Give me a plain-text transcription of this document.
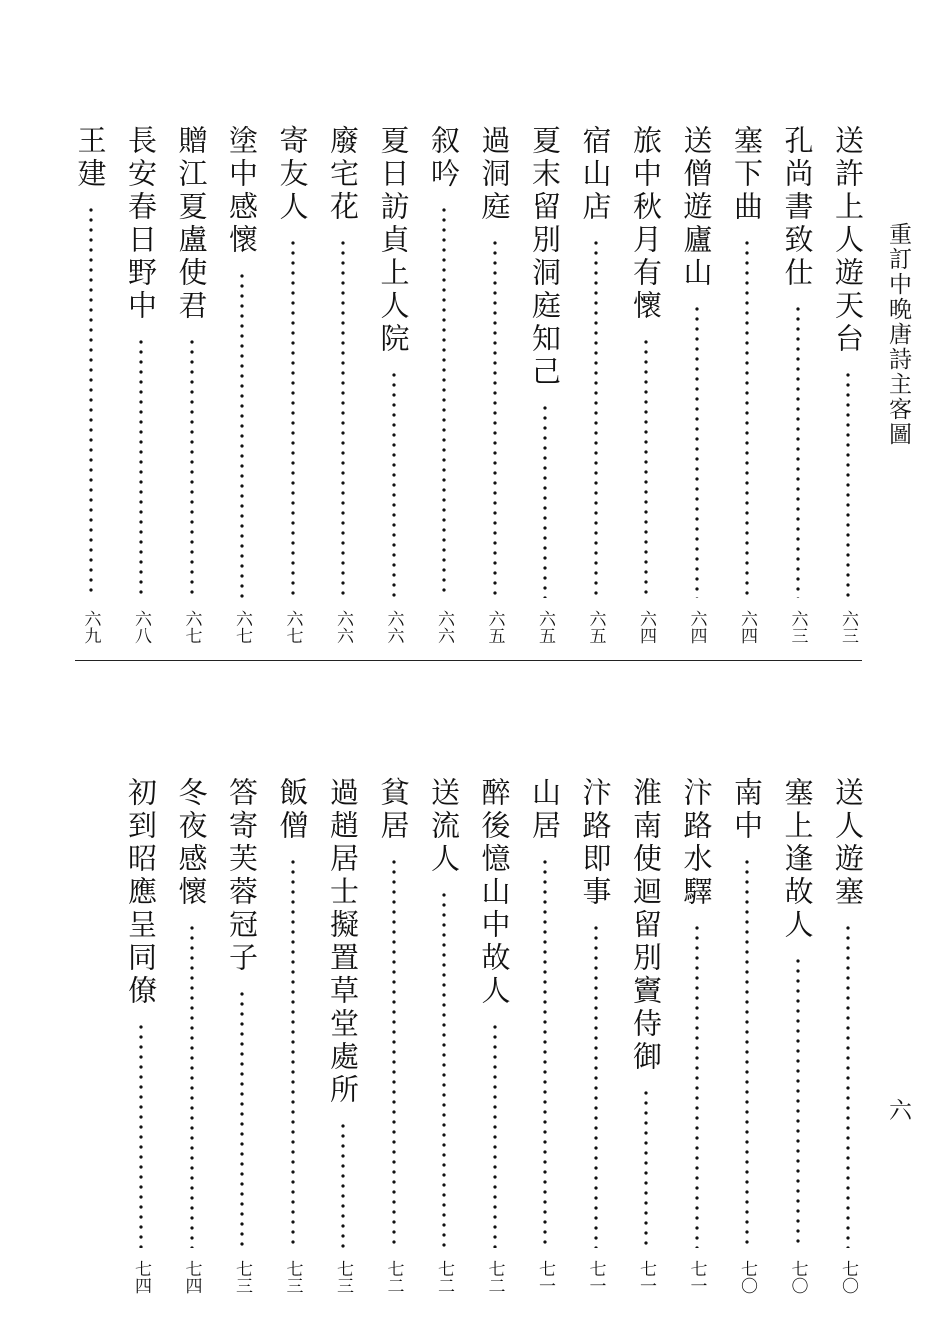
重訂中晩唐詩主客圖
六
送許上人遊天台
六三
孔尚書致仕
六三
塞下曲
六四
送僧遊廬山
六四
旅中秋月有懷
六四
宿山店
六五
夏末留別洞庭知己
六五
過洞庭
六五
叙吟
六六
夏日訪貞上人院
六六
廢宅花
六六
寄友人
六七
塗中感懷
六七
贈江夏盧使君
六七
長安春日野中
六八
王建
六九
送人遊塞
七〇
塞上逢故人
七〇
南中
七〇
汴路水驛
七一
淮南使迴留別竇侍御
七一
汴路即事
七一
山居
七一
醉後憶山中故人
七二
送流人
七二
貧居
七二
過趙居士擬置草堂處所
七三
飯僧
七三
答寄芙蓉冠子
七三
冬夜感懷
七四
初到昭應呈同僚
七四
